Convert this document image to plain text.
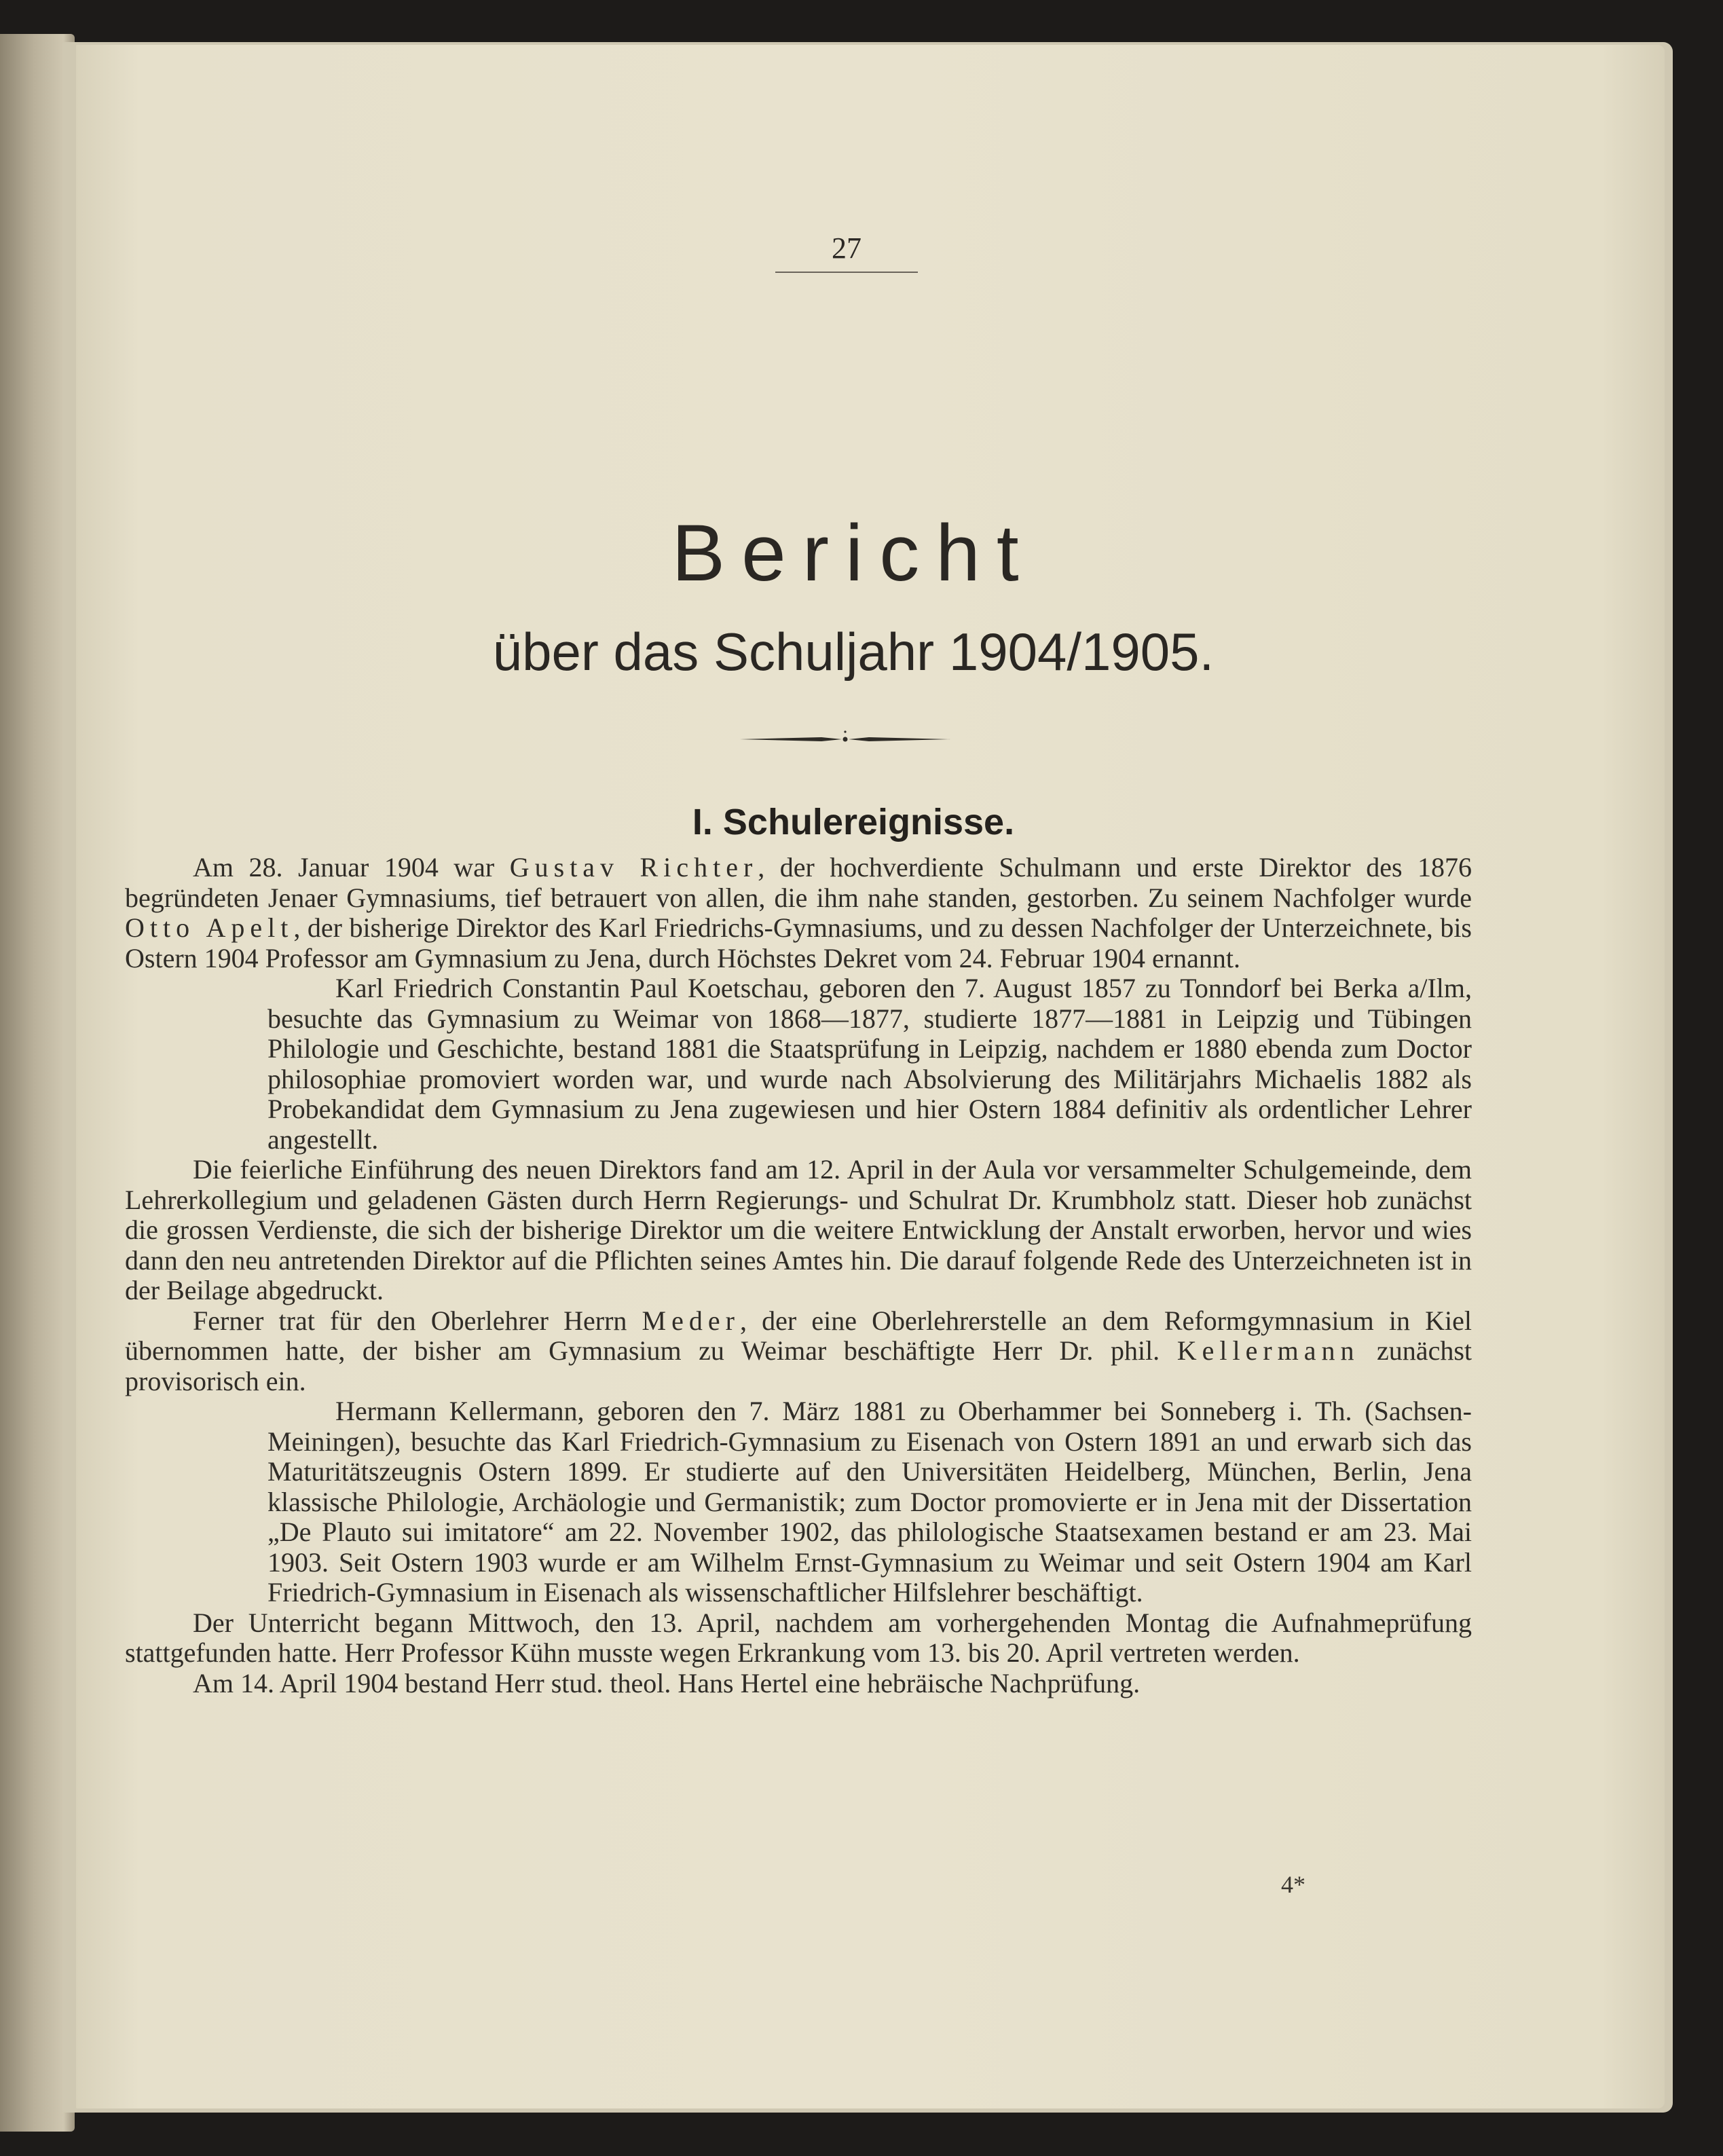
27
Bericht
über das Schuljahr 1904/1905.
I. Schulereignisse.

Am 28. Januar 1904 war Gustav Richter, der hochverdiente Schulmann und erste Direktor des 1876 begründeten Jenaer Gymnasiums, tief betrauert von allen, die ihm nahe standen, gestorben. Zu seinem Nachfolger wurde Otto Apelt, der bisherige Direktor des Karl Friedrichs-Gymnasiums, und zu dessen Nachfolger der Unterzeichnete, bis Ostern 1904 Professor am Gymnasium zu Jena, durch Höchstes Dekret vom 24. Februar 1904 ernannt.

Karl Friedrich Constantin Paul Koetschau, geboren den 7. August 1857 zu Tonndorf bei Berka a/Ilm, besuchte das Gymnasium zu Weimar von 1868—1877, studierte 1877—1881 in Leipzig und Tübingen Philologie und Geschichte, bestand 1881 die Staatsprüfung in Leipzig, nachdem er 1880 ebenda zum Doctor philosophiae promoviert worden war, und wurde nach Absolvierung des Militärjahrs Michaelis 1882 als Probekandidat dem Gymnasium zu Jena zugewiesen und hier Ostern 1884 definitiv als ordentlicher Lehrer angestellt.

Die feierliche Einführung des neuen Direktors fand am 12. April in der Aula vor versammelter Schulgemeinde, dem Lehrerkollegium und geladenen Gästen durch Herrn Regierungs- und Schulrat Dr. Krumbholz statt. Dieser hob zunächst die grossen Verdienste, die sich der bisherige Direktor um die weitere Entwicklung der Anstalt erworben, hervor und wies dann den neu antretenden Direktor auf die Pflichten seines Amtes hin. Die darauf folgende Rede des Unterzeichneten ist in der Beilage abgedruckt.

Ferner trat für den Oberlehrer Herrn Meder, der eine Oberlehrerstelle an dem Reformgymnasium in Kiel übernommen hatte, der bisher am Gymnasium zu Weimar beschäftigte Herr Dr. phil. Kellermann zunächst provisorisch ein.

Hermann Kellermann, geboren den 7. März 1881 zu Oberhammer bei Sonneberg i. Th. (Sachsen-Meiningen), besuchte das Karl Friedrich-Gymnasium zu Eisenach von Ostern 1891 an und erwarb sich das Maturitätszeugnis Ostern 1899. Er studierte auf den Universitäten Heidelberg, München, Berlin, Jena klassische Philologie, Archäologie und Germanistik; zum Doctor promovierte er in Jena mit der Dissertation „De Plauto sui imitatore“ am 22. November 1902, das philologische Staatsexamen bestand er am 23. Mai 1903. Seit Ostern 1903 wurde er am Wilhelm Ernst-Gymnasium zu Weimar und seit Ostern 1904 am Karl Friedrich-Gymnasium in Eisenach als wissenschaftlicher Hilfslehrer beschäftigt.

Der Unterricht begann Mittwoch, den 13. April, nachdem am vorhergehenden Montag die Aufnahmeprüfung stattgefunden hatte. Herr Professor Kühn musste wegen Erkrankung vom 13. bis 20. April vertreten werden.

Am 14. April 1904 bestand Herr stud. theol. Hans Hertel eine hebräische Nachprüfung.

4*
